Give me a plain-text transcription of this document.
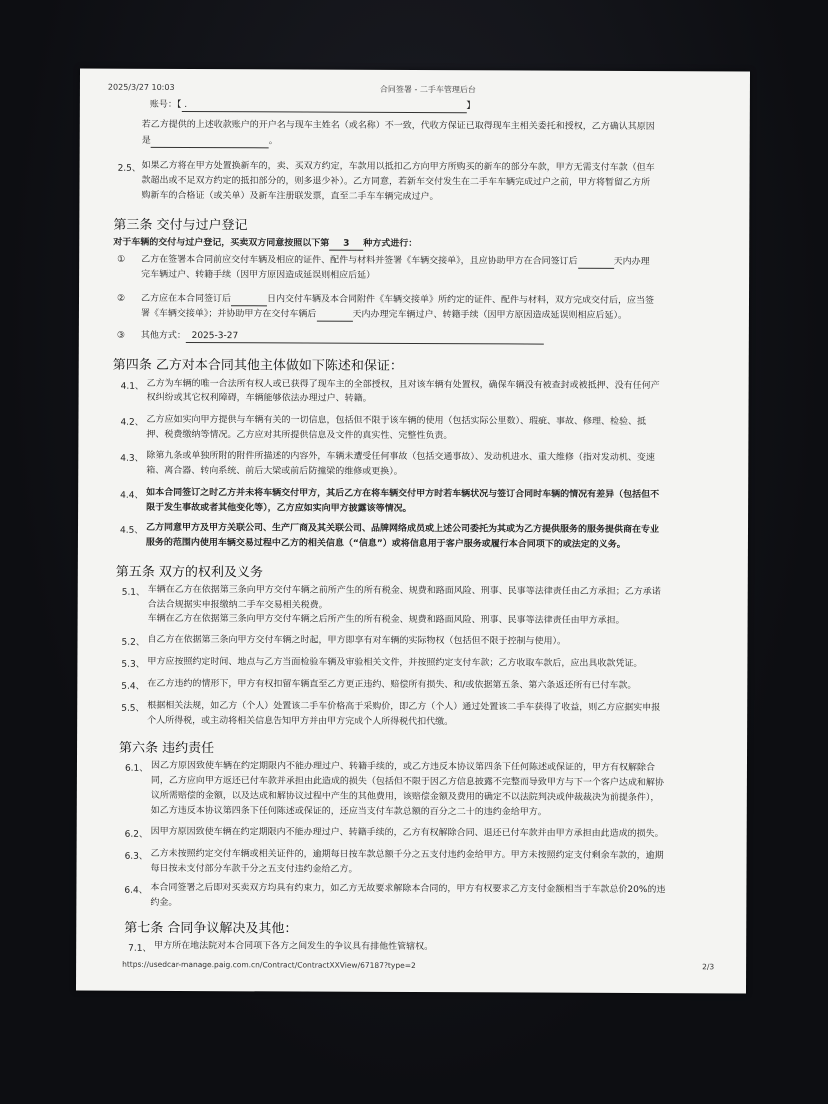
2025/3/27 10:03	合同签署 - 二手车管理后台
账号：【 .	】
若乙方提供的上述收款账户的开户名与现车主姓名（或名称）不一致，代收方保证已取得现车主相关委托和授权，乙方确认其原因
是	。
2.5、 如果乙方将在甲方处置换新车的，卖、买双方约定，车款用以抵扣乙方向甲方所购买的新车的部分车款，甲方无需支付车款（但车
款超出或不足双方约定的抵扣部分的，则多退少补）。乙方同意，若新车交付发生在二手车车辆完成过户之前，甲方将暂留乙方所
购新车的合格证（或关单）及新车注册联发票，直至二手车车辆完成过户。
第三条 交付与过户登记
对于车辆的交付与过户登记，买卖双方同意按照以下第 3 种方式进行：
① 乙方在签署本合同前应交付车辆及相应的证件、配件与材料并签署《车辆交接单》，且应协助甲方在合同签订后	天内办理
完车辆过户、转籍手续（因甲方原因造成延误则相应后延）
② 乙方应在本合同签订后	日内交付车辆及本合同附件《车辆交接单》所约定的证件、配件与材料，双方完成交付后，应当签
署《车辆交接单》；并协助甲方在交付车辆后	天内办理完车辆过户、转籍手续（因甲方原因造成延误则相应后延）。
③ 其他方式： 2025-3-27
第四条 乙方对本合同其他主体做如下陈述和保证：
4.1、 乙方为车辆的唯一合法所有权人或已获得了现车主的全部授权，且对该车辆有处置权，确保车辆没有被查封或被抵押、没有任何产
权纠纷或其它权利障碍，车辆能够依法办理过户、转籍。
4.2、 乙方应如实向甲方提供与车辆有关的一切信息，包括但不限于该车辆的使用（包括实际公里数）、瑕疵、事故、修理、检验、抵
押、税费缴纳等情况。乙方应对其所提供信息及文件的真实性、完整性负责。
4.3、 除第九条或单独所附的附件所描述的内容外，车辆未遭受任何事故（包括交通事故）、发动机进水、重大维修（指对发动机、变速
箱、离合器、转向系统、前后大梁或前后防撞梁的维修或更换）。
4.4、 如本合同签订之时乙方并未将车辆交付甲方，其后乙方在将车辆交付甲方时若车辆状况与签订合同时车辆的情况有差异（包括但不
限于发生事故或者其他变化等），乙方应如实向甲方披露该等情况。
4.5、 乙方同意甲方及甲方关联公司、生产厂商及其关联公司、品牌网络成员或上述公司委托为其或为乙方提供服务的服务提供商在专业
服务的范围内使用车辆交易过程中乙方的相关信息（“信息”）或将信息用于客户服务或履行本合同项下的或法定的义务。
第五条 双方的权利及义务
5.1、 车辆在乙方在依据第三条向甲方交付车辆之前所产生的所有税金、规费和路面风险、刑事、民事等法律责任由乙方承担；乙方承诺
合法合规据实申报缴纳二手车交易相关税费。
车辆在乙方在依据第三条向甲方交付车辆之后所产生的所有税金、规费和路面风险、刑事、民事等法律责任由甲方承担。
5.2、 自乙方在依据第三条向甲方交付车辆之时起，甲方即享有对车辆的实际物权（包括但不限于控制与使用）。
5.3、 甲方应按照约定时间、地点与乙方当面检验车辆及审验相关文件，并按照约定支付车款；乙方收取车款后，应出具收款凭证。
5.4、 在乙方违约的情形下，甲方有权扣留车辆直至乙方更正违约、赔偿所有损失、和/或依据第五条、第六条返还所有已付车款。
5.5、 根据相关法规，如乙方（个人）处置该二手车价格高于采购价，即乙方（个人）通过处置该二手车获得了收益，则乙方应据实申报
个人所得税，或主动将相关信息告知甲方并由甲方完成个人所得税代扣代缴。
第六条 违约责任
6.1、 因乙方原因致使车辆在约定期限内不能办理过户、转籍手续的，或乙方违反本协议第四条下任何陈述或保证的，甲方有权解除合
同，乙方应向甲方返还已付车款并承担由此造成的损失（包括但不限于因乙方信息披露不完整而导致甲方与下一个客户达成和解协
议所需赔偿的金额，以及达成和解协议过程中产生的其他费用，该赔偿金额及费用的确定不以法院判决或仲裁裁决为前提条件），
如乙方违反本协议第四条下任何陈述或保证的，还应当支付车款总额的百分之二十的违约金给甲方。
6.2、 因甲方原因致使车辆在约定期限内不能办理过户、转籍手续的，乙方有权解除合同、退还已付车款并由甲方承担由此造成的损失。
6.3、 乙方未按照约定交付车辆或相关证件的，逾期每日按车款总额千分之五支付违约金给甲方。甲方未按照约定支付剩余车款的，逾期
每日按未支付部分车款千分之五支付违约金给乙方。
6.4、 本合同签署之后即对买卖双方均具有约束力，如乙方无故要求解除本合同的，甲方有权要求乙方支付金额相当于车款总价20%的违
约金。
第七条 合同争议解决及其他：
7.1、 甲方所在地法院对本合同项下各方之间发生的争议具有排他性管辖权。
https://usedcar-manage.paig.com.cn/Contract/ContractXXView/67187?type=2	2/3
